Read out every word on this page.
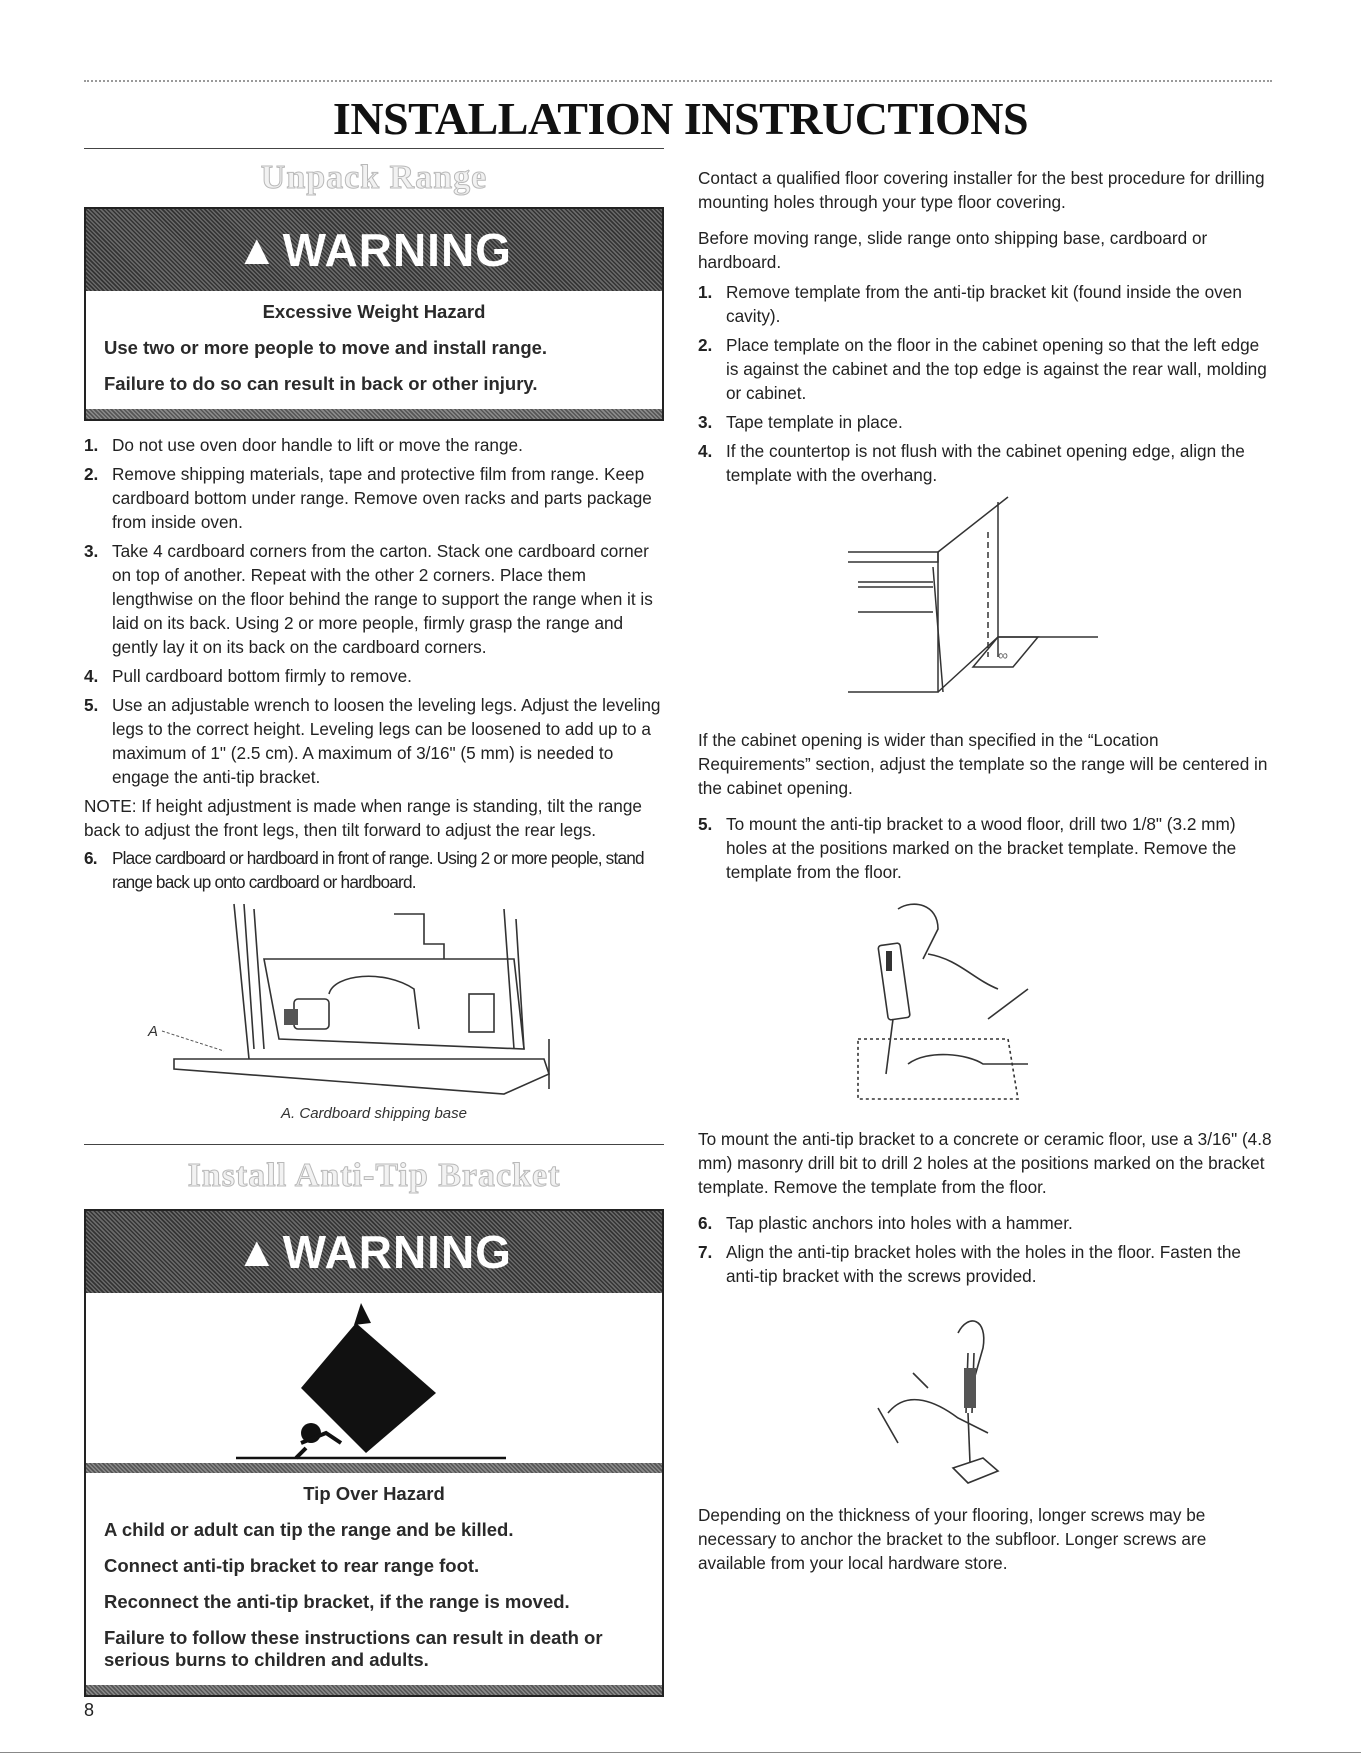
INSTALLATION INSTRUCTIONS
Unpack Range
▲ WARNING

Excessive Weight Hazard

Use two or more people to move and install range.

Failure to do so can result in back or other injury.

1. Do not use oven door handle to lift or move the range.
2. Remove shipping materials, tape and protective film from range. Keep cardboard bottom under range. Remove oven racks and parts package from inside oven.
3. Take 4 cardboard corners from the carton. Stack one cardboard corner on top of another. Repeat with the other 2 corners. Place them lengthwise on the floor behind the range to support the range when it is laid on its back. Using 2 or more people, firmly grasp the range and gently lay it on its back on the cardboard corners.
4. Pull cardboard bottom firmly to remove.
5. Use an adjustable wrench to loosen the leveling legs. Adjust the leveling legs to the correct height. Leveling legs can be loosened to add up to a maximum of 1" (2.5 cm). A maximum of 3/16" (5 mm) is needed to engage the anti-tip bracket.

NOTE: If height adjustment is made when range is standing, tilt the range back to adjust the front legs, then tilt forward to adjust the rear legs.

6. Place cardboard or hardboard in front of range. Using 2 or more people, stand range back up onto cardboard or hardboard.
A
A. Cardboard shipping base
Install Anti-Tip Bracket
▲ WARNING

Tip Over Hazard

A child or adult can tip the range and be killed.

Connect anti-tip bracket to rear range foot.

Reconnect the anti-tip bracket, if the range is moved.

Failure to follow these instructions can result in death or serious burns to children and adults.

Contact a qualified floor covering installer for the best procedure for drilling mounting holes through your type floor covering.

Before moving range, slide range onto shipping base, cardboard or hardboard.

1. Remove template from the anti-tip bracket kit (found inside the oven cavity).
2. Place template on the floor in the cabinet opening so that the left edge is against the cabinet and the top edge is against the rear wall, molding or cabinet.
3. Tape template in place.
4. If the countertop is not flush with the cabinet opening edge, align the template with the overhang.
∞

If the cabinet opening is wider than specified in the “Location Requirements” section, adjust the template so the range will be centered in the cabinet opening.

5. To mount the anti-tip bracket to a wood floor, drill two 1/8" (3.2 mm) holes at the positions marked on the bracket template. Remove the template from the floor.

To mount the anti-tip bracket to a concrete or ceramic floor, use a 3/16" (4.8 mm) masonry drill bit to drill 2 holes at the positions marked on the bracket template. Remove the template from the floor.

6. Tap plastic anchors into holes with a hammer.
7. Align the anti-tip bracket holes with the holes in the floor. Fasten the anti-tip bracket with the screws provided.

Depending on the thickness of your flooring, longer screws may be necessary to anchor the bracket to the subfloor. Longer screws are available from your local hardware store.

8
